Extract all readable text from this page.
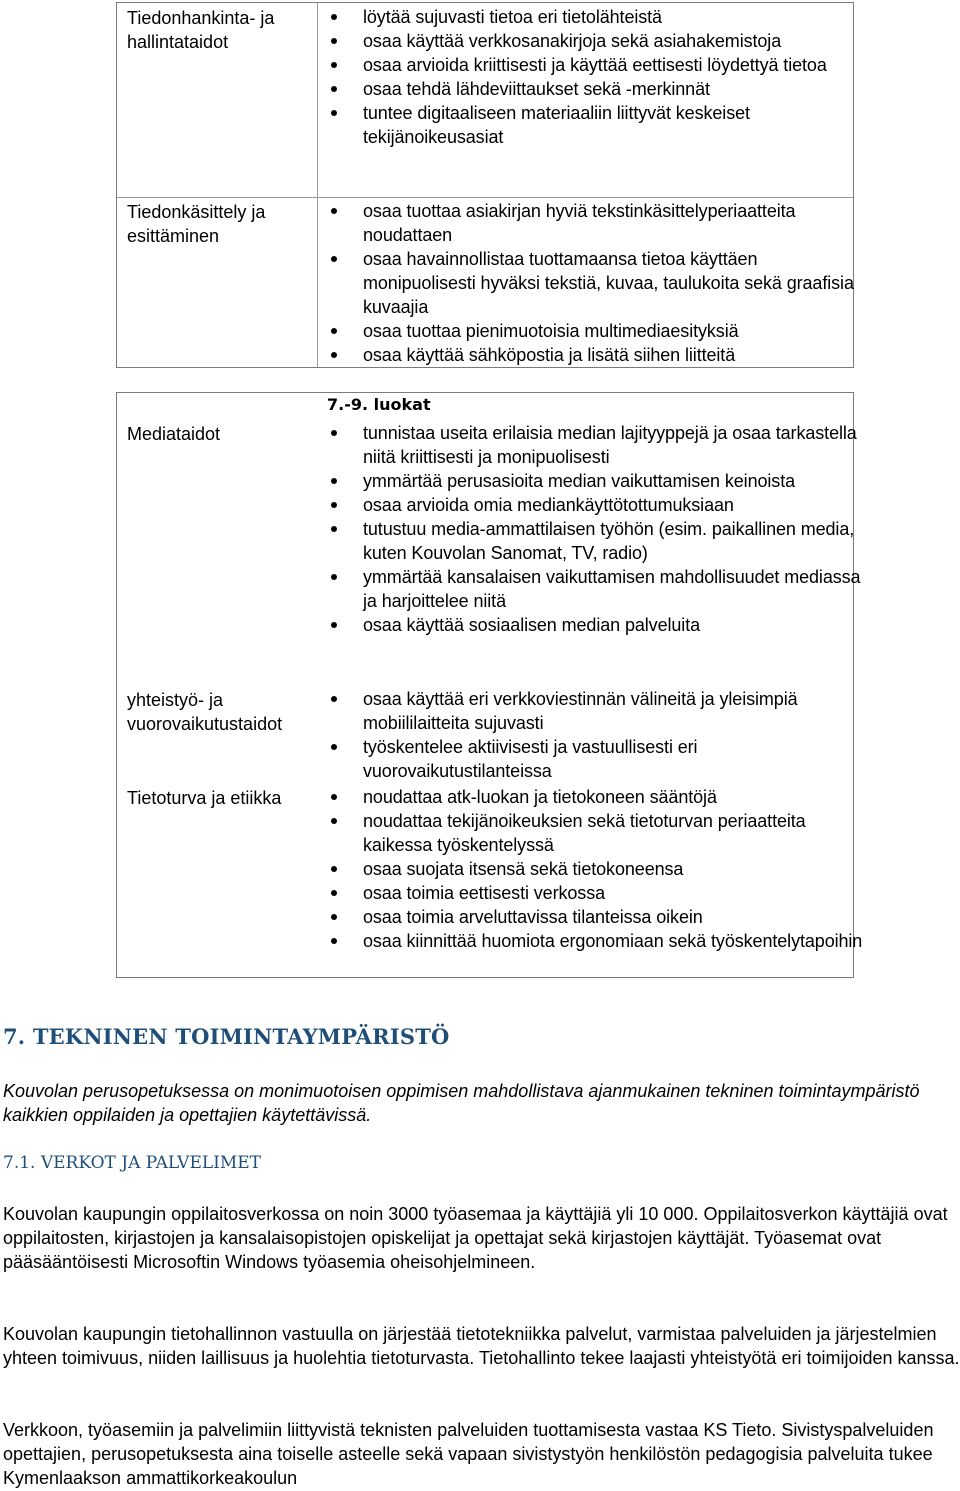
Tiedonhankinta- ja
hallintataidot
löytää sujuvasti tietoa eri tietolähteistä
osaa käyttää verkkosanakirjoja sekä asiahakemistoja
osaa arvioida kriittisesti ja käyttää eettisesti löydettyä tietoa
osaa tehdä lähdeviittaukset sekä -merkinnät
tuntee digitaaliseen materiaaliin liittyvät keskeiset tekijänoikeusasiat
Tiedonkäsittely ja
esittäminen
osaa tuottaa asiakirjan hyviä tekstinkäsittelyperiaatteita noudattaen
osaa havainnollistaa tuottamaansa tietoa käyttäen monipuolisesti hyväksi tekstiä, kuvaa, taulukoita sekä graafisia kuvaajia
osaa tuottaa pienimuotoisia multimediaesityksiä
osaa käyttää sähköpostia ja lisätä siihen liitteitä
7.-9. luokat
Mediataidot	tunnistaa useita erilaisia median lajityyppejä ja osaa tarkastella niitä kriittisesti ja monipuolisesti
ymmärtää perusasioita median vaikuttamisen keinoista
osaa arvioida omia mediankäyttötottumuksiaan
tutustuu media-ammattilaisen työhön (esim. paikallinen media, kuten Kouvolan Sanomat, TV, radio)
ymmärtää kansalaisen vaikuttamisen mahdollisuudet mediassa ja harjoittelee niitä
osaa käyttää sosiaalisen median palveluita
yhteistyö- ja
vuorovaikutustaidot
osaa käyttää eri verkkoviestinnän välineitä ja yleisimpiä mobiililaitteita sujuvasti
työskentelee aktiivisesti ja vastuullisesti eri vuorovaikutustilanteissa
Tietoturva ja etiikka	noudattaa atk-luokan ja tietokoneen sääntöjä
noudattaa tekijänoikeuksien sekä tietoturvan periaatteita kaikessa työskentelyssä
osaa suojata itsensä sekä tietokoneensa
osaa toimia eettisesti verkossa
osaa toimia arveluttavissa tilanteissa oikein
osaa kiinnittää huomiota ergonomiaan sekä työskentelytapoihin
7. TEKNINEN TOIMINTAYMPÄRISTÖ
Kouvolan perusopetuksessa on monimuotoisen oppimisen mahdollistava ajanmukainen tekninen toimintaympäristö kaikkien oppilaiden ja opettajien käytettävissä.
7.1. VERKOT JA PALVELIMET
Kouvolan kaupungin oppilaitosverkossa on noin 3000 työasemaa ja käyttäjiä yli 10 000. Oppilaitosverkon käyttäjiä ovat oppilaitosten, kirjastojen ja kansalaisopistojen opiskelijat ja opettajat sekä kirjastojen käyttäjät. Työasemat ovat pääsääntöisesti Microsoftin Windows työasemia oheisohjelmineen.
Kouvolan kaupungin tietohallinnon vastuulla on järjestää tietotekniikka palvelut, varmistaa palveluiden ja järjestelmien yhteen toimivuus, niiden laillisuus ja huolehtia tietoturvasta. Tietohallinto tekee laajasti yhteistyötä eri toimijoiden kanssa.
Verkkoon, työasemiin ja palvelimiin liittyvistä teknisten palveluiden tuottamisesta vastaa KS Tieto. Sivistyspalveluiden opettajien, perusopetuksesta aina toiselle asteelle sekä vapaan sivistystyön henkilöstön pedagogisia palveluita tukee Kymenlaakson ammattikorkeakoulun
